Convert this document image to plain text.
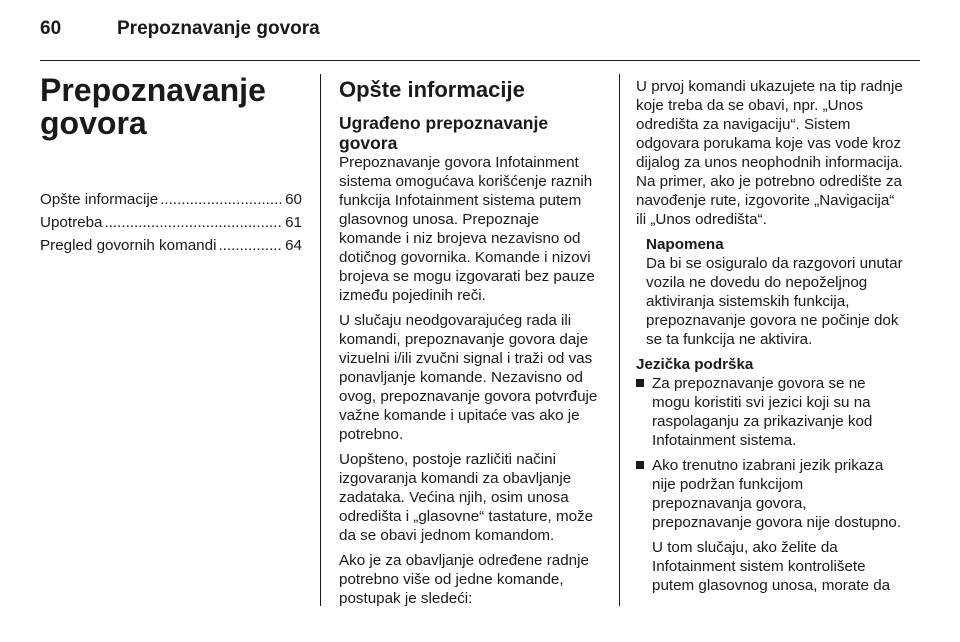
60	Prepoznavanje govora
Prepoznavanje
govora
Opšte informacije .....	60
Upotreba .....	61
Pregled govornih komandi .....	64
Opšte informacije
Ugrađeno prepoznavanje govora

Prepoznavanje govora Infotainment sistema omogućava korišćenje raznih funkcija Infotainment sistema putem glasovnog unosa. Prepoznaje komande i niz brojeva nezavisno od dotičnog govornika. Komande i nizovi brojeva se mogu izgovarati bez pauze između pojedinih reči.

U slučaju neodgovarajućeg rada ili komandi, prepoznavanje govora daje vizuelni i/ili zvučni signal i traži od vas ponavljanje komande. Nezavisno od ovog, prepoznavanje govora potvrđuje važne komande i upitaće vas ako je potrebno.

Uopšteno, postoje različiti načini izgovaranja komandi za obavljanje zadataka. Većina njih, osim unosa odredišta i „glasovne“ tastature, može da se obavi jednom komandom.

Ako je za obavljanje određene radnje potrebno više od jedne komande, postupak je sledeći:

U prvoj komandi ukazujete na tip radnje koje treba da se obavi, npr. „Unos odredišta za navigaciju“. Sistem odgovara porukama koje vas vode kroz dijalog za unos neophodnih informacija. Na primer, ako je potrebno odredište za navođenje rute, izgovorite „Navigacija“ ili „Unos odredišta“.

Napomena
Da bi se osiguralo da razgovori unutar vozila ne dovedu do nepoželjnog aktiviranja sistemskih funkcija, prepoznavanje govora ne počinje dok se ta funkcija ne aktivira.
Jezička podrška
Za prepoznavanje govora se ne mogu koristiti svi jezici koji su na raspolaganju za prikazivanje kod Infotainment sistema.
Ako trenutno izabrani jezik prikaza nije podržan funkcijom prepoznavanja govora, prepoznavanje govora nije dostupno.
U tom slučaju, ako želite da Infotainment sistem kontrolišete putem glasovnog unosa, morate da
